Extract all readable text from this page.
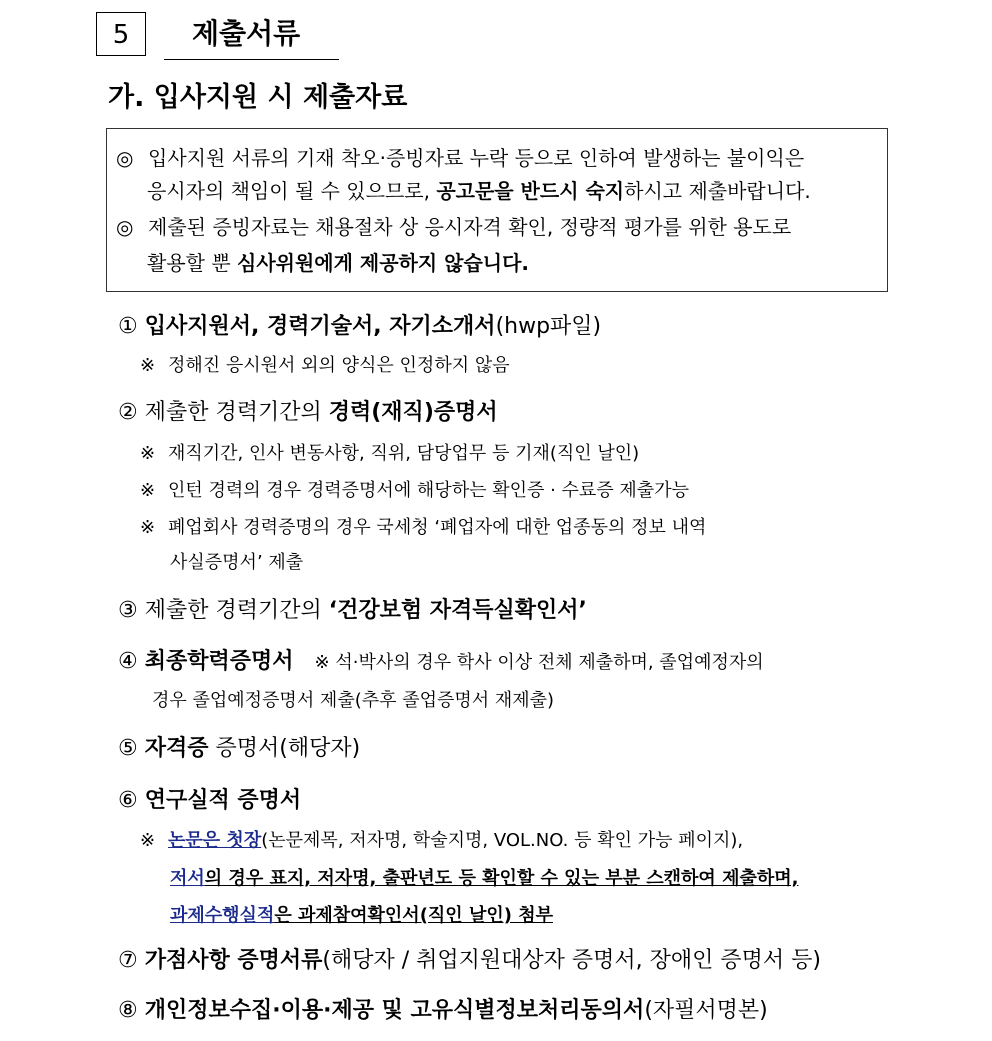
5	제출서류
가. 입사지원 시 제출자료
◎ 입사지원 서류의 기재 착오·증빙자료 누락 등으로 인하여 발생하는 불이익은
응시자의 책임이 될 수 있으므로, 공고문을 반드시 숙지하시고 제출바랍니다.
◎ 제출된 증빙자료는 채용절차 상 응시자격 확인, 정량적 평가를 위한 용도로
활용할 뿐 심사위원에게 제공하지 않습니다.
① 입사지원서, 경력기술서, 자기소개서(hwp파일)
※ 정해진 응시원서 외의 양식은 인정하지 않음
② 제출한 경력기간의 경력(재직)증명서
※ 재직기간, 인사 변동사항, 직위, 담당업무 등 기재(직인 날인)
※ 인턴 경력의 경우 경력증명서에 해당하는 확인증 · 수료증 제출가능
※ 폐업회사 경력증명의 경우 국세청 ‘폐업자에 대한 업종동의 정보 내역
사실증명서’ 제출
③ 제출한 경력기간의 ‘건강보험 자격득실확인서’
④ 최종학력증명서 ※ 석·박사의 경우 학사 이상 전체 제출하며, 졸업예정자의
경우 졸업예정증명서 제출(추후 졸업증명서 재제출)
⑤ 자격증 증명서(해당자)
⑥ 연구실적 증명서
※ 논문은 첫장(논문제목, 저자명, 학술지명, VOL.NO. 등 확인 가능 페이지),
저서의 경우 표지, 저자명, 출판년도 등 확인할 수 있는 부분 스캔하여 제출하며,
과제수행실적은 과제참여확인서(직인 날인) 첨부
⑦ 가점사항 증명서류(해당자 / 취업지원대상자 증명서, 장애인 증명서 등)
⑧ 개인정보수집·이용·제공 및 고유식별정보처리동의서(자필서명본)
